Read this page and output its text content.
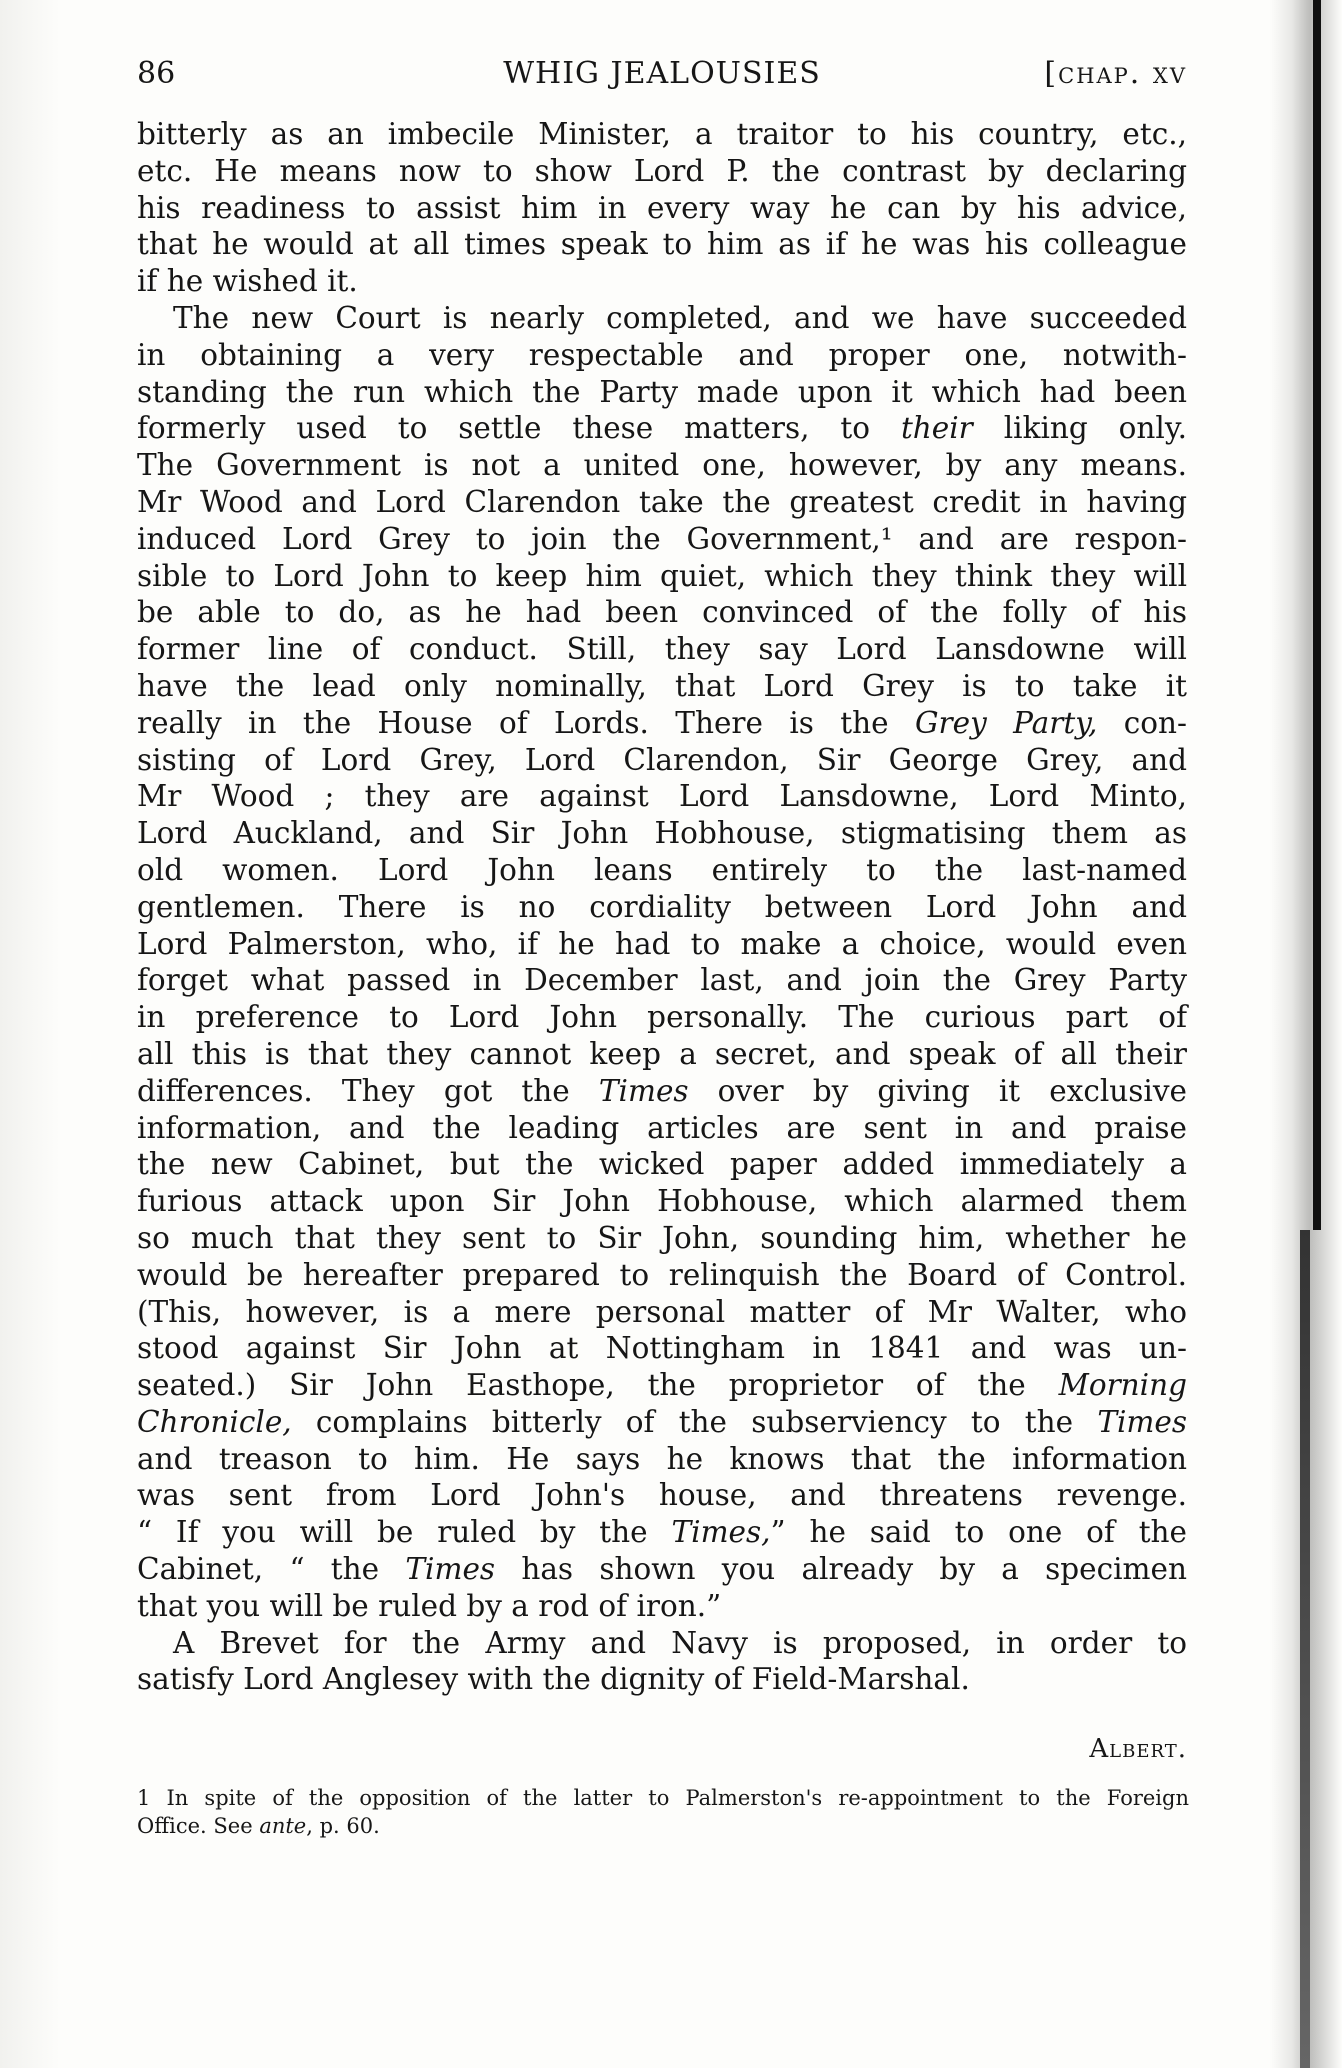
86	WHIG JEALOUSIES	[chap. xv
bitterly as an imbecile Minister, a traitor to his country, etc.,
etc. He means now to show Lord P. the contrast by declaring
his readiness to assist him in every way he can by his advice,
that he would at all times speak to him as if he was his colleague
if he wished it.
The new Court is nearly completed, and we have succeeded
in obtaining a very respectable and proper one, notwith-
standing the run which the Party made upon it which had been
formerly used to settle these matters, to their liking only.
The Government is not a united one, however, by any means.
Mr Wood and Lord Clarendon take the greatest credit in having
induced Lord Grey to join the Government,¹ and are respon-
sible to Lord John to keep him quiet, which they think they will
be able to do, as he had been convinced of the folly of his
former line of conduct. Still, they say Lord Lansdowne will
have the lead only nominally, that Lord Grey is to take it
really in the House of Lords. There is the Grey Party, con-
sisting of Lord Grey, Lord Clarendon, Sir George Grey, and
Mr Wood ; they are against Lord Lansdowne, Lord Minto,
Lord Auckland, and Sir John Hobhouse, stigmatising them as
old women. Lord John leans entirely to the last-named
gentlemen. There is no cordiality between Lord John and
Lord Palmerston, who, if he had to make a choice, would even
forget what passed in December last, and join the Grey Party
in preference to Lord John personally. The curious part of
all this is that they cannot keep a secret, and speak of all their
differences. They got the Times over by giving it exclusive
information, and the leading articles are sent in and praise
the new Cabinet, but the wicked paper added immediately a
furious attack upon Sir John Hobhouse, which alarmed them
so much that they sent to Sir John, sounding him, whether he
would be hereafter prepared to relinquish the Board of Control.
(This, however, is a mere personal matter of Mr Walter, who
stood against Sir John at Nottingham in 1841 and was un-
seated.) Sir John Easthope, the proprietor of the Morning
Chronicle, complains bitterly of the subserviency to the Times
and treason to him. He says he knows that the information
was sent from Lord John's house, and threatens revenge.
“ If you will be ruled by the Times,” he said to one of the
Cabinet, “ the Times has shown you already by a specimen
that you will be ruled by a rod of iron.”
A Brevet for the Army and Navy is proposed, in order to
satisfy Lord Anglesey with the dignity of Field-Marshal.
Albert.
1 In spite of the opposition of the latter to Palmerston's re-appointment to the Foreign
Office. See ante, p. 60.
